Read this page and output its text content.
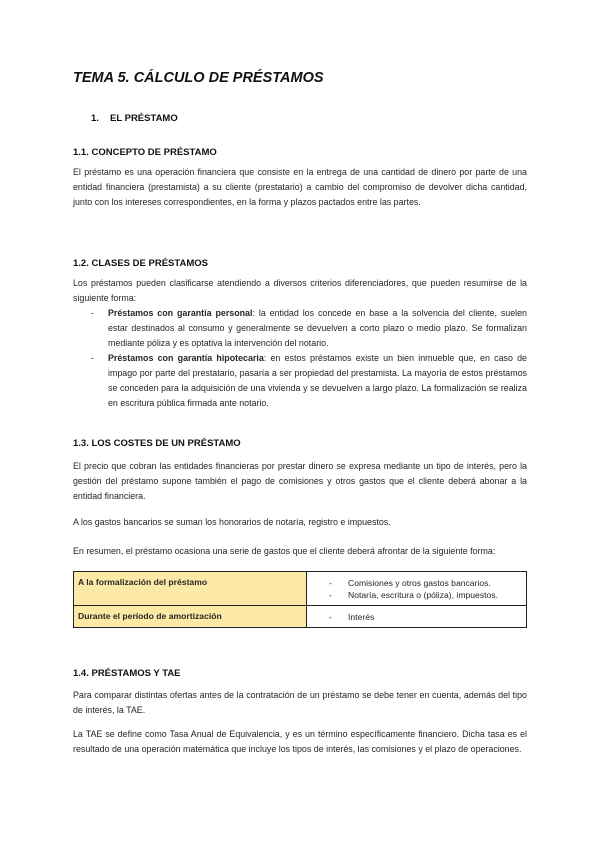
TEMA 5. CÁLCULO DE PRÉSTAMOS
1. EL PRÉSTAMO
1.1. CONCEPTO DE PRÉSTAMO
El préstamo es una operación financiera que consiste en la entrega de una cantidad de dinero por parte de una entidad financiera (prestamista) a su cliente (prestatario) a cambio del compromiso de devolver dicha cantidad, junto con los intereses correspondientes, en la forma y plazos pactados entre las partes.
1.2. CLASES DE PRÉSTAMOS
Los préstamos pueden clasificarse atendiendo a diversos criterios diferenciadores, que pueden resumirse de la siguiente forma:
- Préstamos con garantía personal: la entidad los concede en base a la solvencia del cliente, suelen estar destinados al consumo y generalmente se devuelven a corto plazo o medio plazo. Se formalizan mediante póliza y es optativa la intervención del notario.
- Préstamos con garantía hipotecaria: en estos préstamos existe un bien inmueble que, en caso de impago por parte del prestatario, pasaría a ser propiedad del prestamista. La mayoría de estos préstamos se conceden para la adquisición de una vivienda y se devuelven a largo plazo. La formalización se realiza en escritura pública firmada ante notario.
1.3. LOS COSTES DE UN PRÉSTAMO
El precio que cobran las entidades financieras por prestar dinero se expresa mediante un tipo de interés, pero la gestión del préstamo supone también el pago de comisiones y otros gastos que el cliente deberá abonar a la entidad financiera.
A los gastos bancarios se suman los honorarios de notaría, registro e impuestos.
En resumen, el préstamo ocasiona una serie de gastos que el cliente deberá afrontar de la siguiente forma:
A la formalización del préstamo	- Comisiones y otros gastos bancarios.
- Notaría, escritura o (póliza), impuestos.

Durante el período de amortización	- Interés
1.4. PRÉSTAMOS Y TAE
Para comparar distintas ofertas antes de la contratación de un préstamo se debe tener en cuenta, además del tipo de interés, la TAE.
La TAE se define como Tasa Anual de Equivalencia, y es un término específicamente financiero. Dicha tasa es el resultado de una operación matemática que incluye los tipos de interés, las comisiones y el plazo de operaciones.
